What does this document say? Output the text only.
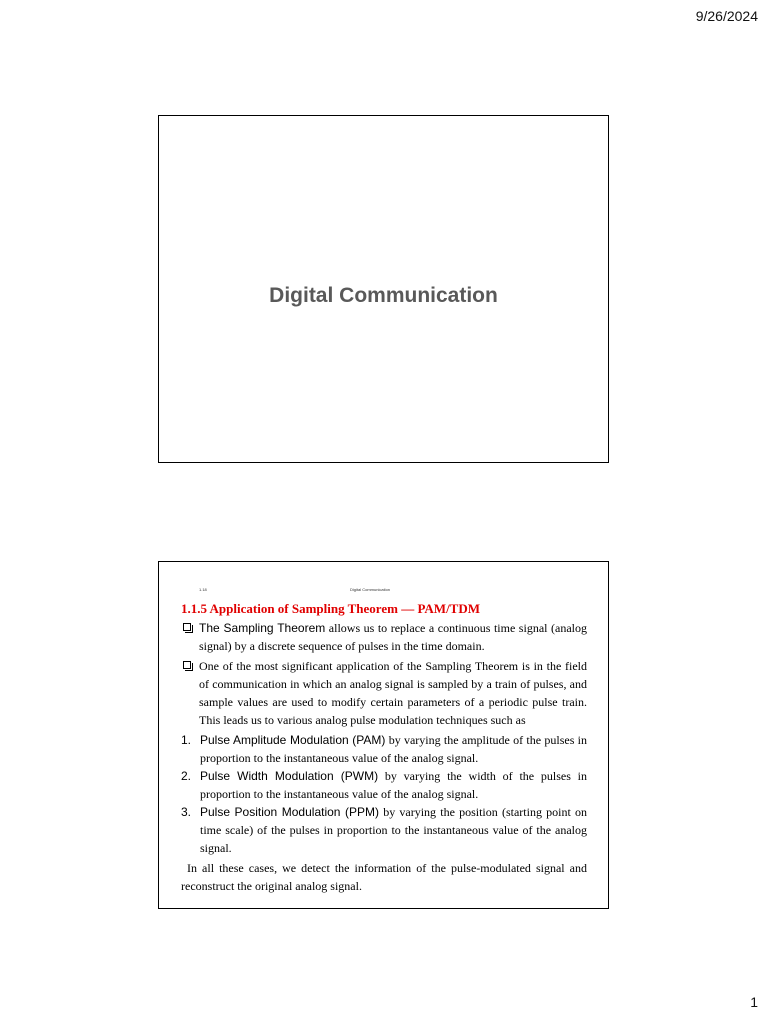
9/26/2024
Digital Communication
1.18	Digital Communication
1.1.5 Application of Sampling Theorem — PAM/TDM
The Sampling Theorem allows us to replace a continuous time signal (analog signal) by a discrete sequence of pulses in the time domain.
One of the most significant application of the Sampling Theorem is in the field of communication in which an analog signal is sampled by a train of pulses, and sample values are used to modify certain parameters of a periodic pulse train. This leads us to various analog pulse modulation techniques such as
1. Pulse Amplitude Modulation (PAM) by varying the amplitude of the pulses in proportion to the instantaneous value of the analog signal.
2. Pulse Width Modulation (PWM) by varying the width of the pulses in proportion to the instantaneous value of the analog signal.
3. Pulse Position Modulation (PPM) by varying the position (starting point on time scale) of the pulses in proportion to the instantaneous value of the analog signal.

In all these cases, we detect the information of the pulse-modulated signal and reconstruct the original analog signal.

1
